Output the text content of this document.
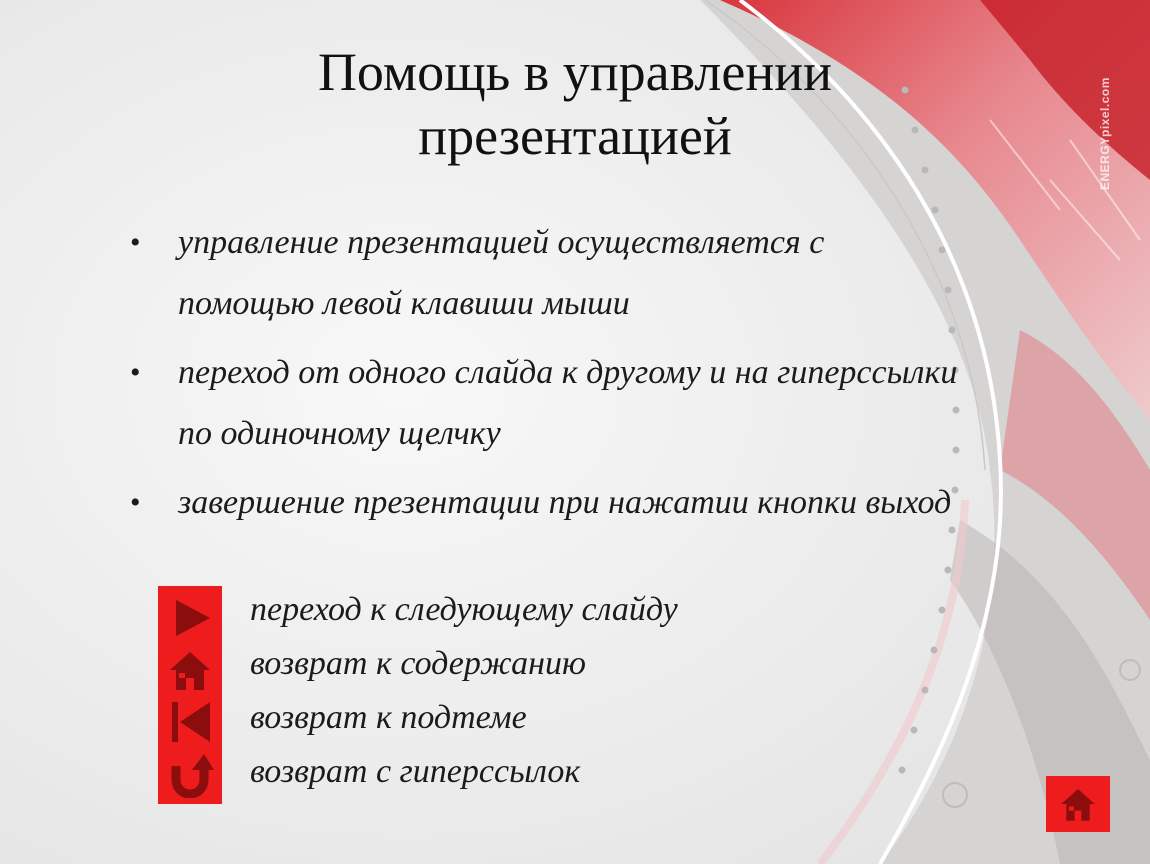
ENERGYpixel.com
Помощь в управлении презентацией
• управление презентацией осуществляется с помощью левой клавиши мыши
• переход от одного слайда к другому и на гиперссылки по одиночному щелчку
• завершение презентации при нажатии кнопки выход
переход к следующему слайду
возврат к содержанию
возврат к подтеме
возврат с гиперссылок
